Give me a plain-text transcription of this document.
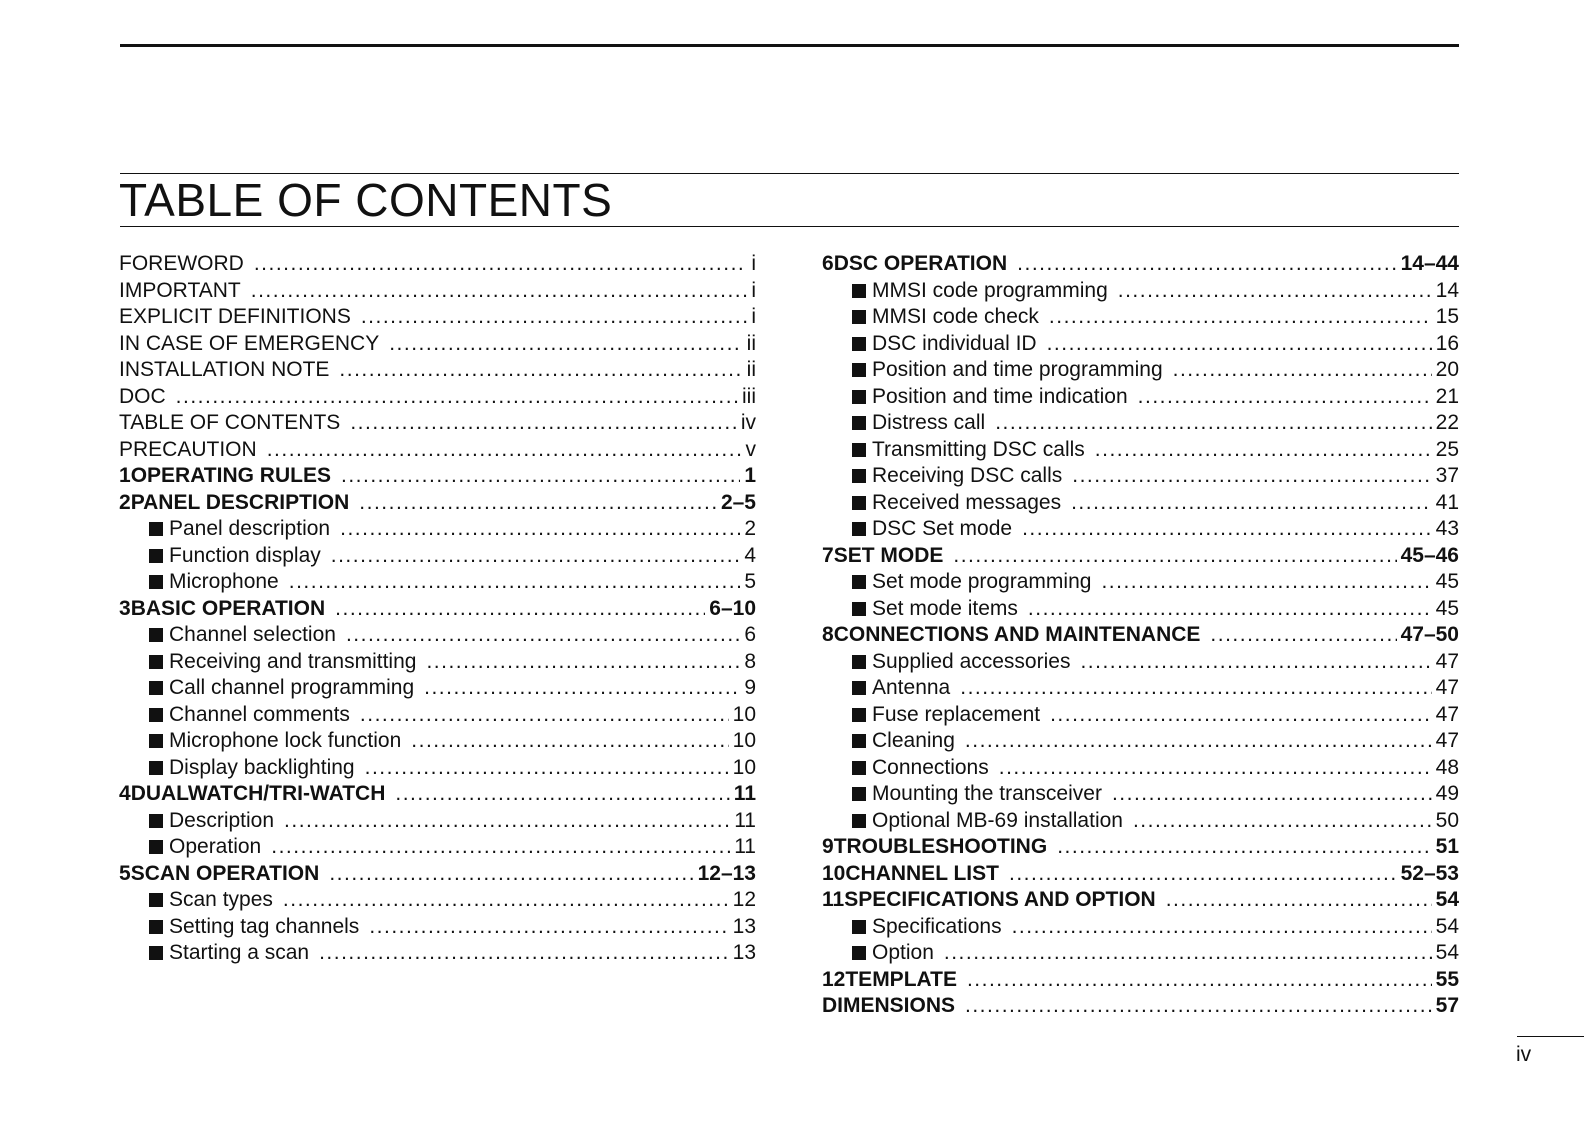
TABLE OF CONTENTS
FOREWORD .....	i
IMPORTANT .....	i
EXPLICIT DEFINITIONS .....	i
IN CASE OF EMERGENCY .....	ii
INSTALLATION NOTE .....	ii
DOC .....	iii
TABLE OF CONTENTS .....	iv
PRECAUTION .....	v
1 OPERATING RULES .....	1
2 PANEL DESCRIPTION .....	2–5
Panel description .....	2
Function display .....	4
Microphone .....	5
3 BASIC OPERATION .....	6–10
Channel selection .....	6
Receiving and transmitting .....	8
Call channel programming .....	9
Channel comments .....	10
Microphone lock function .....	10
Display backlighting .....	10
4 DUALWATCH/TRI-WATCH .....	11
Description .....	11
Operation .....	11
5 SCAN OPERATION .....	12–13
Scan types .....	12
Setting tag channels .....	13
Starting a scan .....	13
6 DSC OPERATION .....	14–44
MMSI code programming .....	14
MMSI code check .....	15
DSC individual ID .....	16
Position and time programming .....	20
Position and time indication .....	21
Distress call .....	22
Transmitting DSC calls .....	25
Receiving DSC calls .....	37
Received messages .....	41
DSC Set mode .....	43
7 SET MODE .....	45–46
Set mode programming .....	45
Set mode items .....	45
8 CONNECTIONS AND MAINTENANCE .....	47–50
Supplied accessories .....	47
Antenna .....	47
Fuse replacement .....	47
Cleaning .....	47
Connections .....	48
Mounting the transceiver .....	49
Optional MB-69 installation .....	50
9 TROUBLESHOOTING .....	51
10 CHANNEL LIST .....	52–53
11 SPECIFICATIONS AND OPTION .....	54
Specifications .....	54
Option .....	54
12 TEMPLATE .....	55
DIMENSIONS .....	57
iv
